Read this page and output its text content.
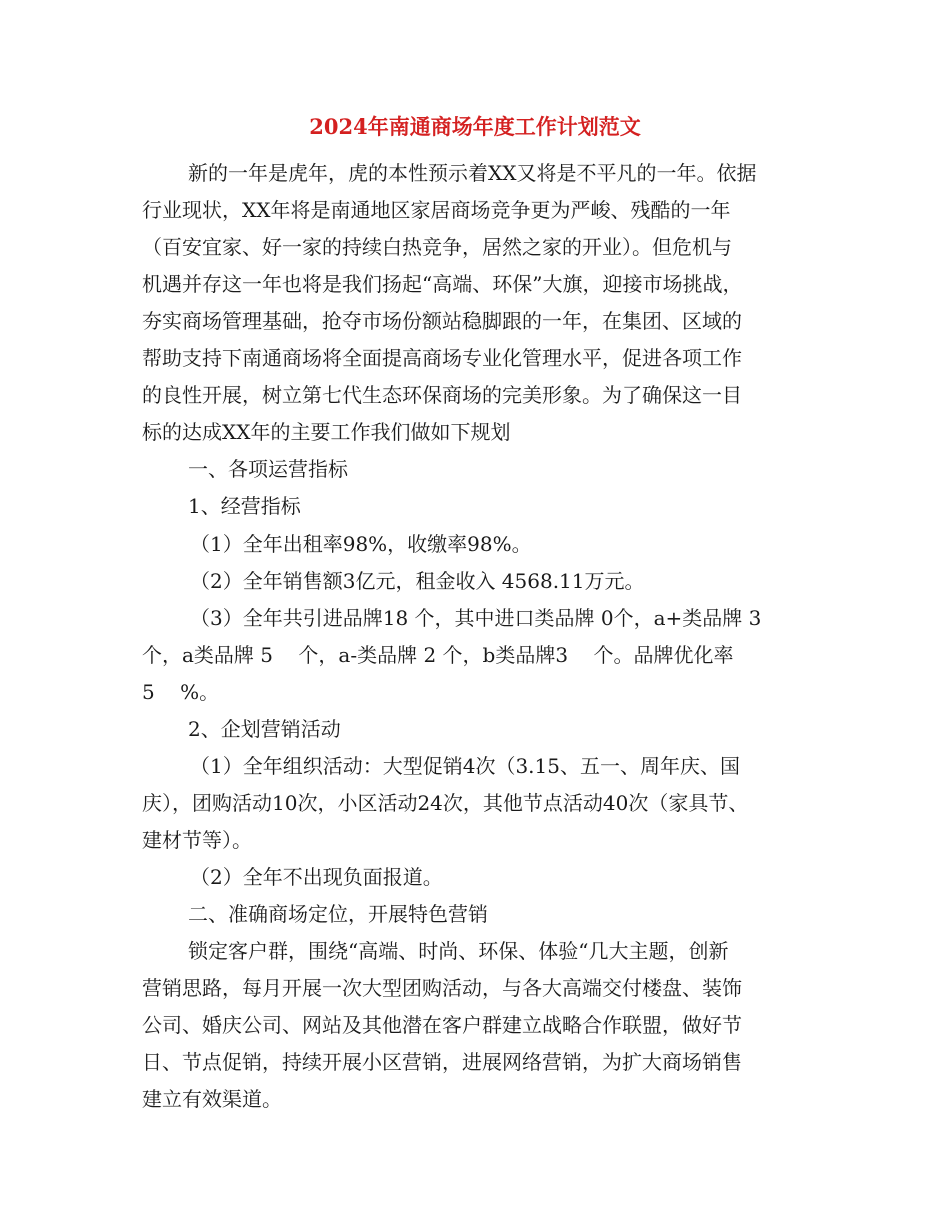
2024年南通商场年度工作计划范文
新的一年是虎年，虎的本性预示着XX又将是不平凡的一年。依据
行业现状，XX年将是南通地区家居商场竞争更为严峻、残酷的一年
（百安宜家、好一家的持续白热竞争，居然之家的开业）。但危机与
机遇并存这一年也将是我们扬起“高端、环保”大旗，迎接市场挑战，
夯实商场管理基础，抢夺市场份额站稳脚跟的一年，在集团、区域的
帮助支持下南通商场将全面提高商场专业化管理水平，促进各项工作
的良性开展，树立第七代生态环保商场的完美形象。为了确保这一目
标的达成XX年的主要工作我们做如下规划
一、各项运营指标
1、经营指标
（1）全年出租率98%，收缴率98%。
（2）全年销售额3亿元，租金收入 4568.11万元。
（3）全年共引进品牌18 个，其中进口类品牌 0个，a+类品牌 3
个，a类品牌 5    个，a-类品牌 2 个，b类品牌3    个。品牌优化率
5    %。
2、企划营销活动
（1）全年组织活动：大型促销4次（3.15、五一、周年庆、国
庆），团购活动10次，小区活动24次，其他节点活动40次（家具节、
建材节等）。
（2）全年不出现负面报道。
二、准确商场定位，开展特色营销
锁定客户群，围绕“高端、时尚、环保、体验“几大主题，创新
营销思路，每月开展一次大型团购活动，与各大高端交付楼盘、装饰
公司、婚庆公司、网站及其他潜在客户群建立战略合作联盟，做好节
日、节点促销，持续开展小区营销，进展网络营销，为扩大商场销售
建立有效渠道。
